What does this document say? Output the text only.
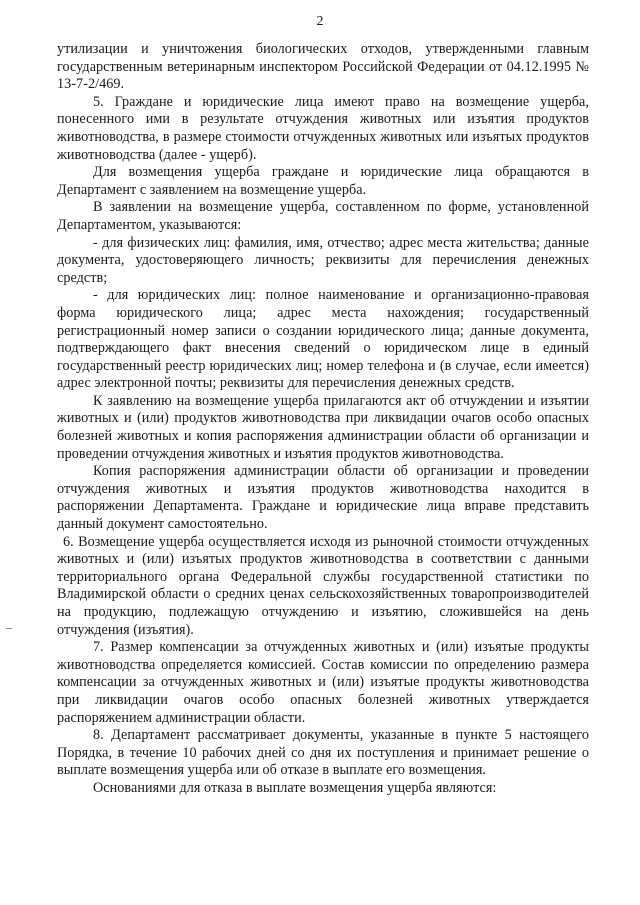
2

утилизации и уничтожения биологических отходов, утвержденными главным государственным ветеринарным инспектором Российской Федерации от 04.12.1995 № 13-7-2/469.

5. Граждане и юридические лица имеют право на возмещение ущерба, понесенного ими в результате отчуждения животных или изъятия продуктов животноводства, в размере стоимости отчужденных животных или изъятых продуктов животноводства (далее - ущерб).

Для возмещения ущерба граждане и юридические лица обращаются в Департамент с заявлением на возмещение ущерба.

В заявлении на возмещение ущерба, составленном по форме, установленной Департаментом, указываются:

- для физических лиц: фамилия, имя, отчество; адрес места жительства; данные документа, удостоверяющего личность; реквизиты для перечисления денежных средств;

- для юридических лиц: полное наименование и организационно-правовая форма юридического лица; адрес места нахождения; государственный регистрационный номер записи о создании юридического лица; данные документа, подтверждающего факт внесения сведений о юридическом лице в единый государственный реестр юридических лиц; номер телефона и (в случае, если имеется) адрес электронной почты; реквизиты для перечисления денежных средств.

К заявлению на возмещение ущерба прилагаются акт об отчуждении и изъятии животных и (или) продуктов животноводства при ликвидации очагов особо опасных болезней животных и копия распоряжения администрации области об организации и проведении отчуждения животных и изъятия продуктов животноводства.

Копия распоряжения администрации области об организации и проведении отчуждения животных и изъятия продуктов животноводства находится в распоряжении Департамента. Граждане и юридические лица вправе представить данный документ самостоятельно.

6. Возмещение ущерба осуществляется исходя из рыночной стоимости отчужденных животных и (или) изъятых продуктов животноводства в соответствии с данными территориального органа Федеральной службы государственной статистики по Владимирской области о средних ценах сельскохозяйственных товаропроизводителей на продукцию, подлежащую отчуждению и изъятию, сложившейся на день отчуждения (изъятия).

7. Размер компенсации за отчужденных животных и (или) изъятые продукты животноводства определяется комиссией. Состав комиссии по определению размера компенсации за отчужденных животных и (или) изъятые продукты животноводства при ликвидации очагов особо опасных болезней животных утверждается распоряжением администрации области.

8. Департамент рассматривает документы, указанные в пункте 5 настоящего Порядка, в течение 10 рабочих дней со дня их поступления и принимает решение о выплате возмещения ущерба или об отказе в выплате его возмещения.

Основаниями для отказа в выплате возмещения ущерба являются:
